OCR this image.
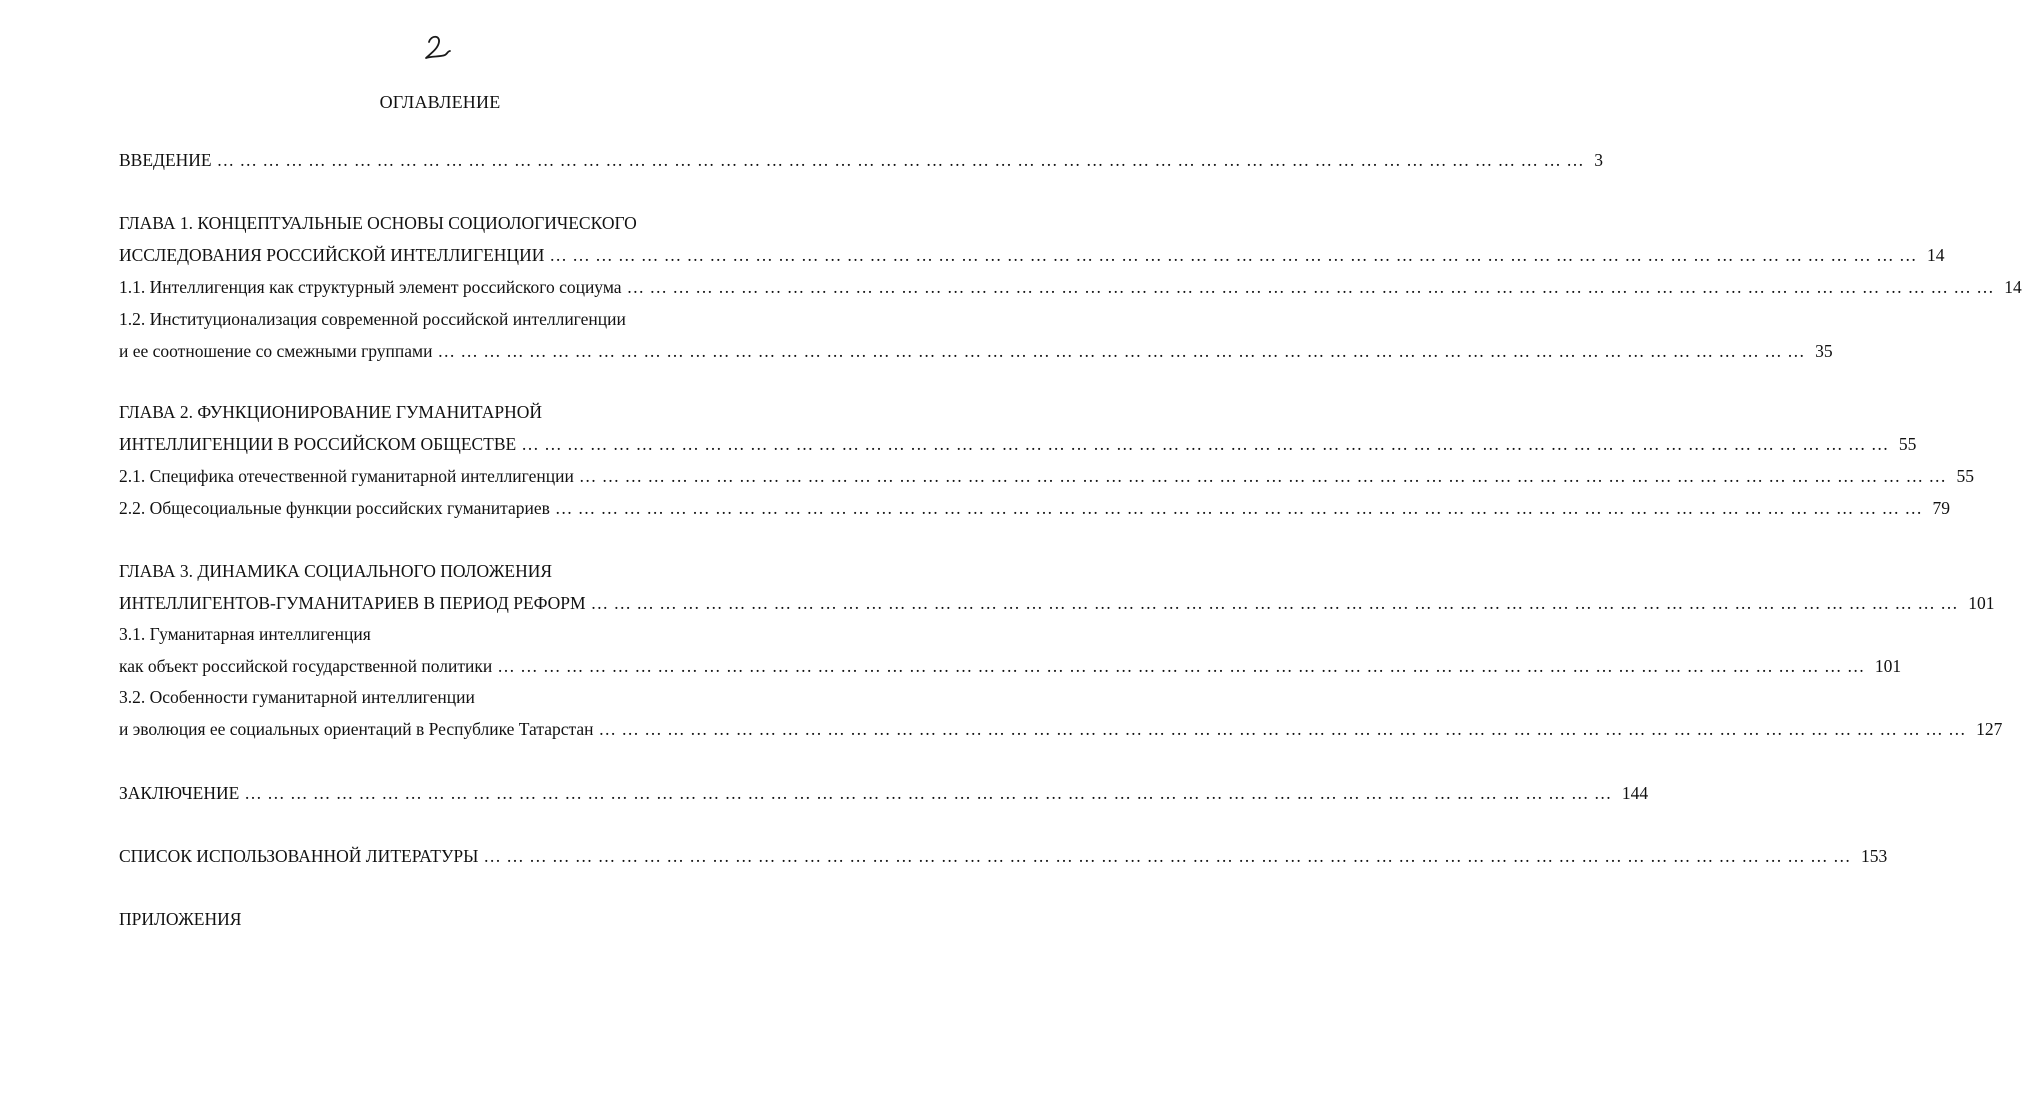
ОГЛАВЛЕНИЕ
ВВЕДЕНИЕ … … … … … … … … … … … … … … … … … … … … … … … … … … … … … … … … … … … … … … … … … … … … … … … … … … … … … … … … … … … … 3
ГЛАВА 1. КОНЦЕПТУАЛЬНЫЕ ОСНОВЫ СОЦИОЛОГИЧЕСКОГО
ИССЛЕДОВАНИЯ РОССИЙСКОЙ ИНТЕЛЛИГЕНЦИИ … … … … … … … … … … … … … … … … … … … … … … … … … … … … … … … … … … … … … … … … … … … … … … … … … … … … … … … … … … … … 14
1.1. Интеллигенция как структурный элемент российского социума … … … … … … … … … … … … … … … … … … … … … … … … … … … … … … … … … … … … … … … … … … … … … … … … … … … … … … … … … … … … 14
1.2. Институционализация современной российской интеллигенции
и ее соотношение со смежными группами … … … … … … … … … … … … … … … … … … … … … … … … … … … … … … … … … … … … … … … … … … … … … … … … … … … … … … … … … … … … 35
ГЛАВА 2. ФУНКЦИОНИРОВАНИЕ ГУМАНИТАРНОЙ
ИНТЕЛЛИГЕНЦИИ В РОССИЙСКОМ ОБЩЕСТВЕ … … … … … … … … … … … … … … … … … … … … … … … … … … … … … … … … … … … … … … … … … … … … … … … … … … … … … … … … … … … … 55
2.1. Специфика отечественной гуманитарной интеллигенции … … … … … … … … … … … … … … … … … … … … … … … … … … … … … … … … … … … … … … … … … … … … … … … … … … … … … … … … … … … … 55
2.2. Общесоциальные функции российских гуманитариев … … … … … … … … … … … … … … … … … … … … … … … … … … … … … … … … … … … … … … … … … … … … … … … … … … … … … … … … … … … … 79
ГЛАВА 3. ДИНАМИКА СОЦИАЛЬНОГО ПОЛОЖЕНИЯ
ИНТЕЛЛИГЕНТОВ-ГУМАНИТАРИЕВ В ПЕРИОД РЕФОРМ … … … … … … … … … … … … … … … … … … … … … … … … … … … … … … … … … … … … … … … … … … … … … … … … … … … … … … … … … … … … 101
3.1. Гуманитарная интеллигенция
как объект российской государственной политики … … … … … … … … … … … … … … … … … … … … … … … … … … … … … … … … … … … … … … … … … … … … … … … … … … … … … … … … … … … … 101
3.2. Особенности гуманитарной интеллигенции
и эволюция ее социальных ориентаций в Республике Татарстан … … … … … … … … … … … … … … … … … … … … … … … … … … … … … … … … … … … … … … … … … … … … … … … … … … … … … … … … … … … … 127
ЗАКЛЮЧЕНИЕ … … … … … … … … … … … … … … … … … … … … … … … … … … … … … … … … … … … … … … … … … … … … … … … … … … … … … … … … … … … … 144
СПИСОК ИСПОЛЬЗОВАННОЙ ЛИТЕРАТУРЫ … … … … … … … … … … … … … … … … … … … … … … … … … … … … … … … … … … … … … … … … … … … … … … … … … … … … … … … … … … … … 153
ПРИЛОЖЕНИЯ
